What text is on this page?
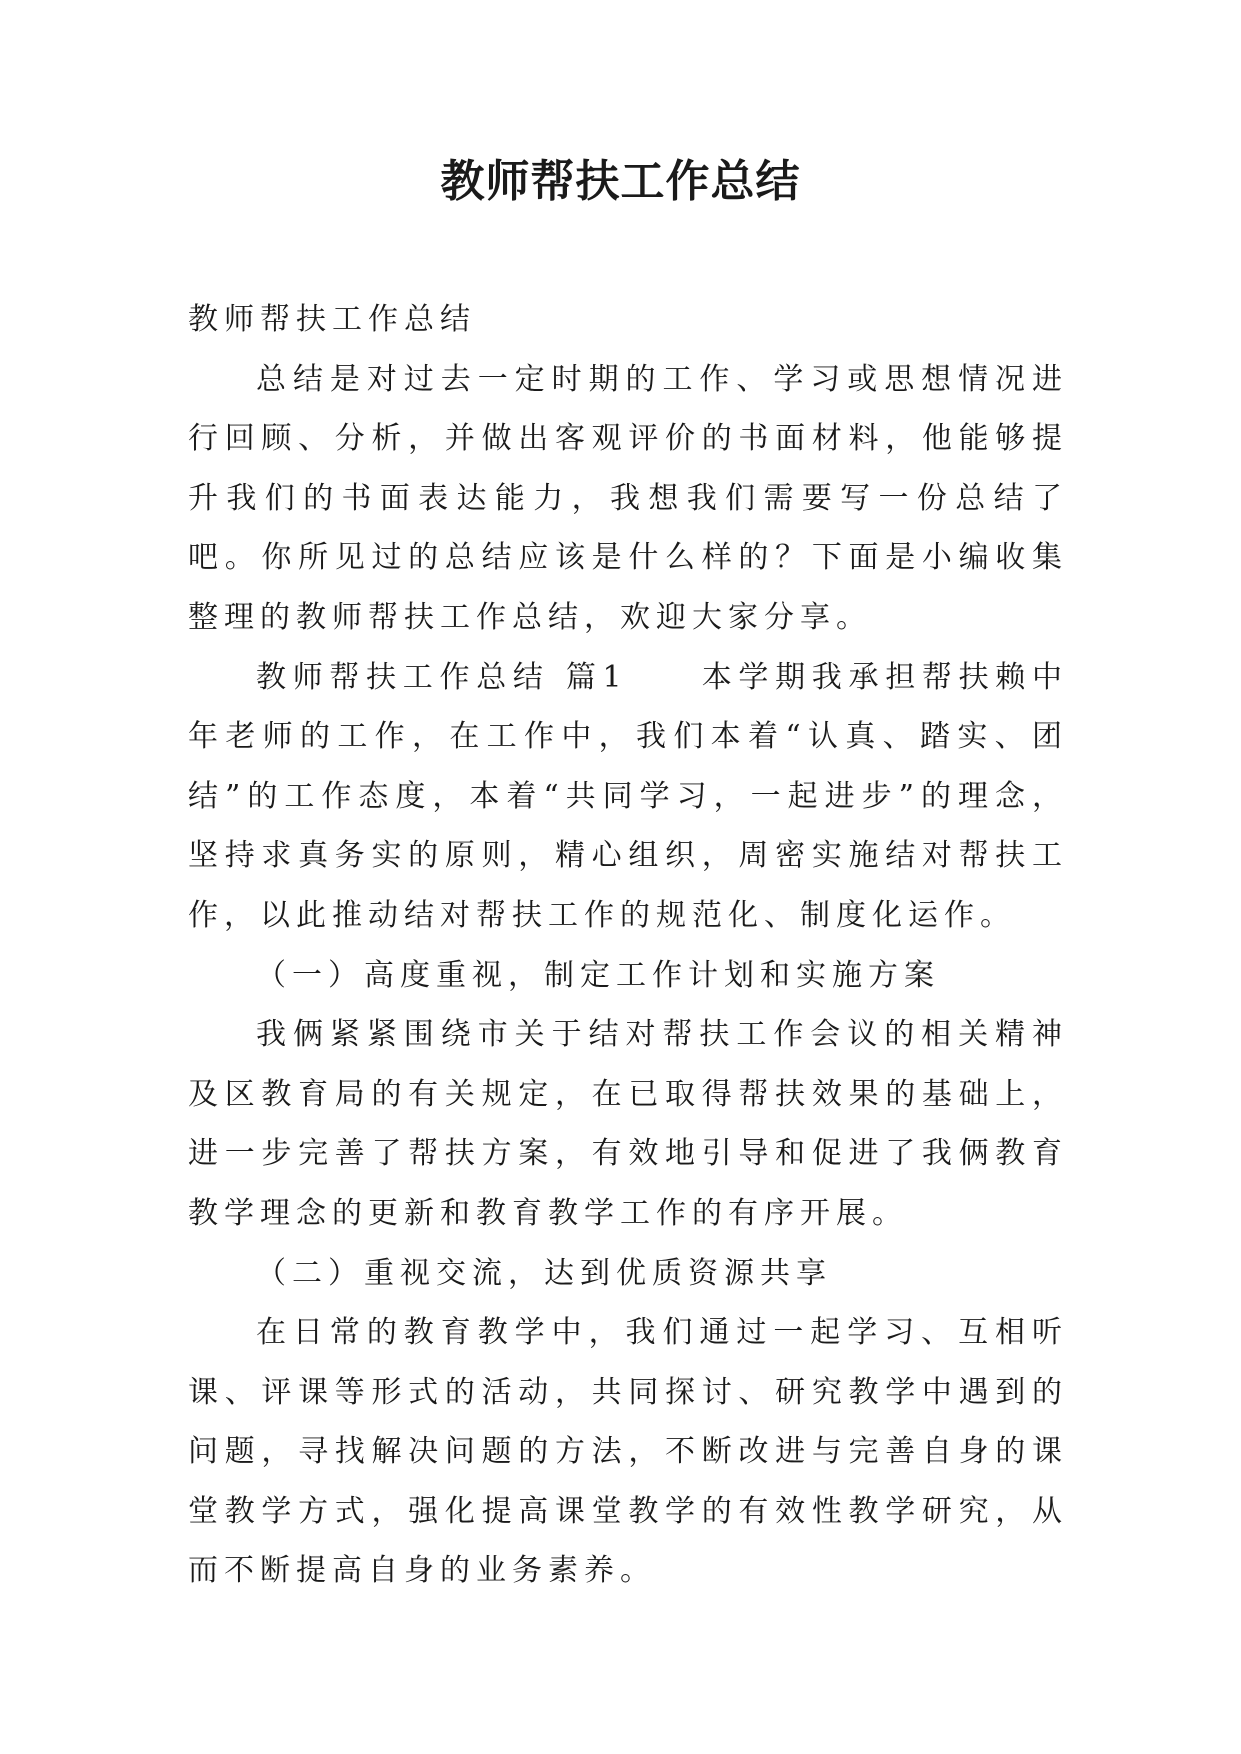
教师帮扶工作总结

教师帮扶工作总结

总结是对过去一定时期的工作、学习或思想情况进行回顾、分析，并做出客观评价的书面材料，他能够提升我们的书面表达能力，我想我们需要写一份总结了吧。你所见过的总结应该是什么样的？下面是小编收集整理的教师帮扶工作总结，欢迎大家分享。

教师帮扶工作总结 篇1　　本学期我承担帮扶赖中年老师的工作，在工作中，我们本着“认真、踏实、团结”的工作态度，本着“共同学习，一起进步”的理念，坚持求真务实的原则，精心组织，周密实施结对帮扶工作，以此推动结对帮扶工作的规范化、制度化运作。

（一）高度重视，制定工作计划和实施方案

我俩紧紧围绕市关于结对帮扶工作会议的相关精神及区教育局的有关规定，在已取得帮扶效果的基础上，进一步完善了帮扶方案，有效地引导和促进了我俩教育教学理念的更新和教育教学工作的有序开展。

（二）重视交流，达到优质资源共享

在日常的教育教学中，我们通过一起学习、互相听课、评课等形式的活动，共同探讨、研究教学中遇到的问题，寻找解决问题的方法，不断改进与完善自身的课堂教学方式，强化提高课堂教学的有效性教学研究，从而不断提高自身的业务素养。
